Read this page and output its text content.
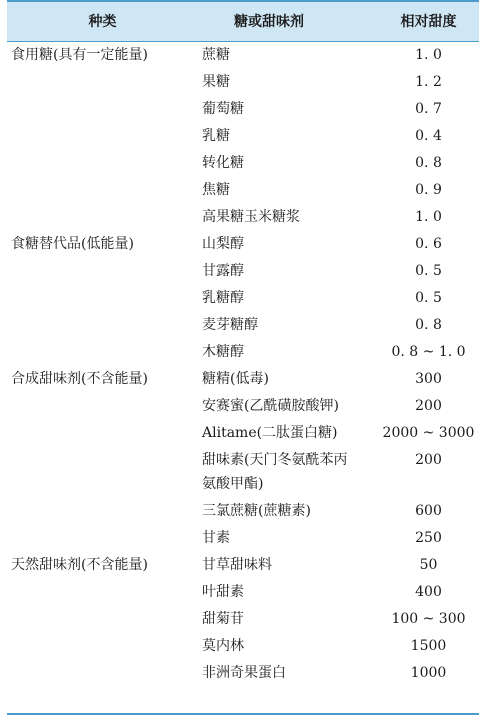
种类	糖或甜味剂	相对甜度
食用糖(具有一定能量)	蔗糖	1. 0
	果糖	1. 2
	葡萄糖	0. 7
	乳糖	0. 4
	转化糖	0. 8
	焦糖	0. 9
	高果糖玉米糖浆	1. 0
食糖替代品(低能量)	山梨醇	0. 6
	甘露醇	0. 5
	乳糖醇	0. 5
	麦芽糖醇	0. 8
	木糖醇	0. 8 ~ 1. 0
合成甜味剂(不含能量)	糖精(低毒)	300
	安赛蜜(乙酰磺胺酸钾)	200
	Alitame(二肽蛋白糖)	2000 ~ 3000
	甜味素(天门冬氨酰苯丙氨酸甲酯)	200
	三氯蔗糖(蔗糖素)	600
	甘素	250
天然甜味剂(不含能量)	甘草甜味料	50
	叶甜素	400
	甜菊苷	100 ~ 300
	莫内林	1500
	非洲奇果蛋白	1000
